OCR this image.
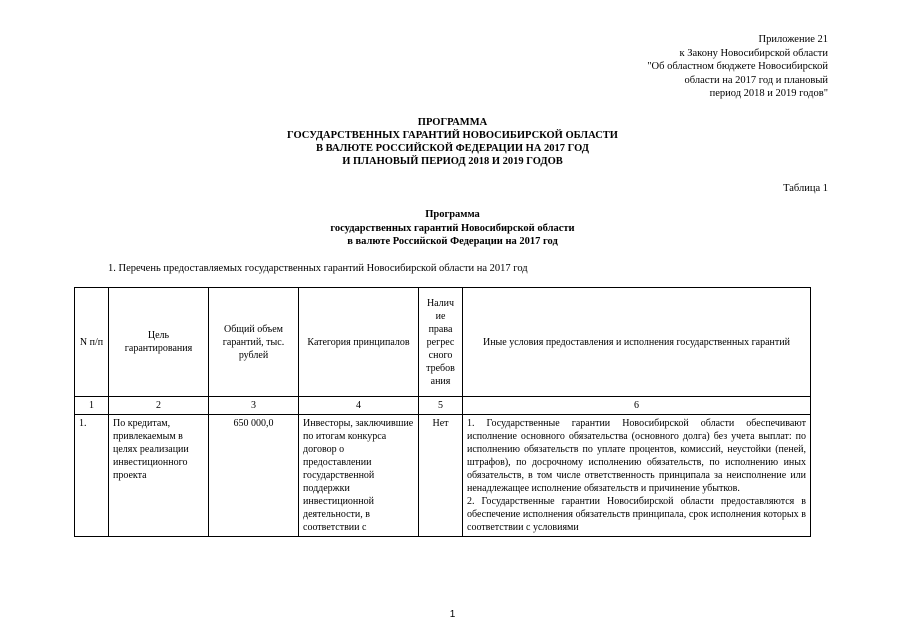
Приложение 21
к Закону Новосибирской области
"Об областном бюджете Новосибирской
области на 2017 год и плановый
период 2018 и 2019 годов"
ПРОГРАММА
ГОСУДАРСТВЕННЫХ ГАРАНТИЙ НОВОСИБИРСКОЙ ОБЛАСТИ
В ВАЛЮТЕ РОССИЙСКОЙ ФЕДЕРАЦИИ НА 2017 ГОД
И ПЛАНОВЫЙ ПЕРИОД 2018 И 2019 ГОДОВ
Таблица 1
Программа
государственных гарантий Новосибирской области
в валюте Российской Федерации на 2017 год
1. Перечень предоставляемых государственных гарантий Новосибирской области на 2017 год
N п/п	Цель гарантирования	Общий объем гарантий, тыс. рублей	Категория принципалов	Налич ие права регрес сного требов ания	Иные условия предоставления и исполнения государственных гарантий
1	2	3	4	5	6
1.	По кредитам, привлекаемым в целях реализации инвестиционного проекта	650 000,0	Инвесторы, заключившие по итогам конкурса договор о предоставлении государственной поддержки инвестиционной деятельности, в соответствии с	Нет	1. Государственные гарантии Новосибирской области обеспечивают исполнение основного обязательства (основного долга) без учета выплат: по исполнению обязательств по уплате процентов, комиссий, неустойки (пеней, штрафов), по досрочному исполнению обязательств, по исполнению иных обязательств, в том числе ответственность принципала за неисполнение или ненадлежащее исполнение обязательств и причинение убытков.
2. Государственные гарантии Новосибирской области предоставляются в обеспечение исполнения обязательств принципала, срок исполнения которых в соответствии с условиями
1
